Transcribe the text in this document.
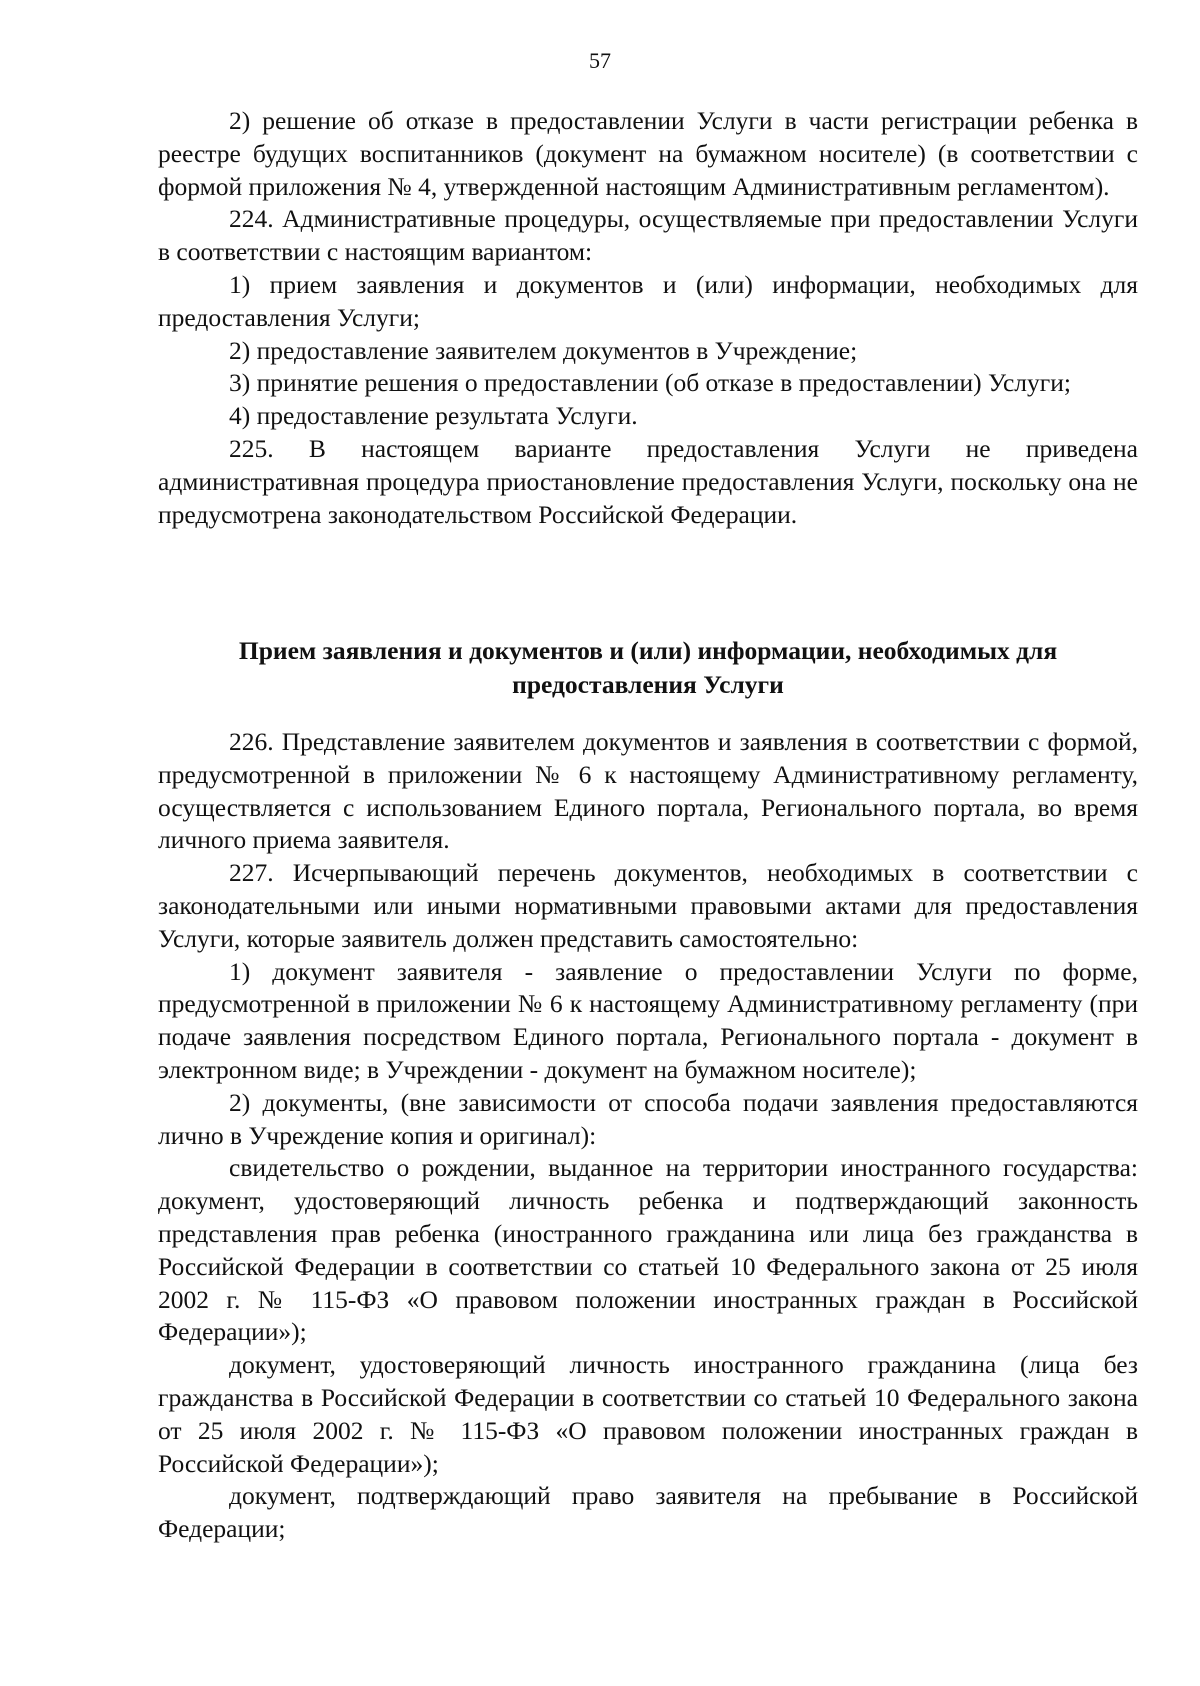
57

2) решение об отказе в предоставлении Услуги в части регистрации ребенка в реестре будущих воспитанников (документ на бумажном носителе) (в соответствии с формой приложения № 4, утвержденной настоящим Административным регламентом).

224. Административные процедуры, осуществляемые при предоставлении Услуги в соответствии с настоящим вариантом:

1) прием заявления и документов и (или) информации, необходимых для предоставления Услуги;

2) предоставление заявителем документов в Учреждение;

3) принятие решения о предоставлении (об отказе в предоставлении) Услуги;

4) предоставление результата Услуги.

225. В настоящем варианте предоставления Услуги не приведена административная процедура приостановление предоставления Услуги, поскольку она не предусмотрена законодательством Российской Федерации.

Прием заявления и документов и (или) информации, необходимых для предоставления Услуги

226. Представление заявителем документов и заявления в соответствии с формой, предусмотренной в приложении № 6 к настоящему Административному регламенту, осуществляется с использованием Единого портала, Регионального портала, во время личного приема заявителя.

227. Исчерпывающий перечень документов, необходимых в соответствии с законодательными или иными нормативными правовыми актами для предоставления Услуги, которые заявитель должен представить самостоятельно:

1) документ заявителя - заявление о предоставлении Услуги по форме, предусмотренной в приложении № 6 к настоящему Административному регламенту (при подаче заявления посредством Единого портала, Регионального портала - документ в электронном виде; в Учреждении - документ на бумажном носителе);

2) документы, (вне зависимости от способа подачи заявления предоставляются лично в Учреждение копия и оригинал):

свидетельство о рождении, выданное на территории иностранного государства: документ, удостоверяющий личность ребенка и подтверждающий законность представления прав ребенка (иностранного гражданина или лица без гражданства в Российской Федерации в соответствии со статьей 10 Федерального закона от 25 июля 2002 г. № 115-ФЗ «О правовом положении иностранных граждан в Российской Федерации»);

документ, удостоверяющий личность иностранного гражданина (лица без гражданства в Российской Федерации в соответствии со статьей 10 Федерального закона от 25 июля 2002 г. № 115-ФЗ «О правовом положении иностранных граждан в Российской Федерации»);

документ, подтверждающий право заявителя на пребывание в Российской Федерации;
